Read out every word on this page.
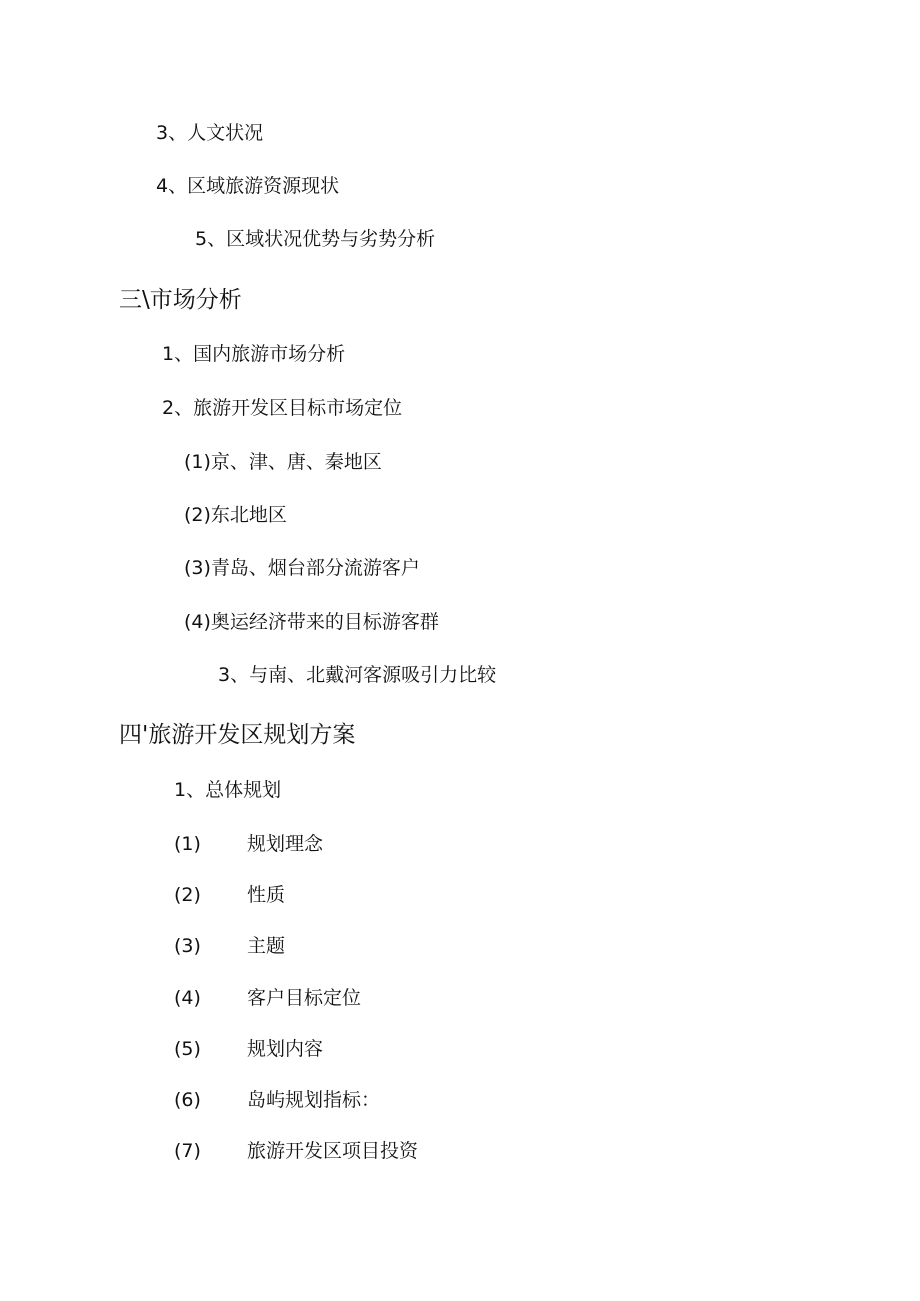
3、人文状况
4、区域旅游资源现状
5、区域状况优势与劣势分析
三\市场分析
1、国内旅游市场分析
2、旅游开发区目标市场定位
(1)京、津、唐、秦地区
(2)东北地区
(3)青岛、烟台部分流游客户
(4)奥运经济带来的目标游客群
3、与南、北戴河客源吸引力比较
四'旅游开发区规划方案
1、总体规划
(1) 规划理念
(2) 性质
(3) 主题
(4) 客户目标定位
(5) 规划内容
(6) 岛屿规划指标：
(7) 旅游开发区项目投资
